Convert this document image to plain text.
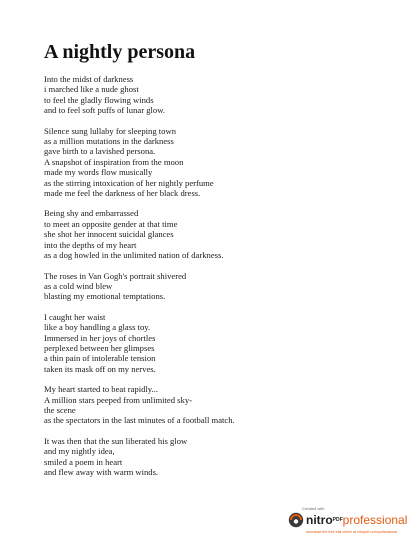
A nightly persona
Into the midst of darkness
i marched like a nude ghost
to feel the gladly flowing winds
and to feel soft puffs of lunar glow.
Silence sung lullaby for sleeping town
as a million mutations in the darkness
gave birth to a lavished persona.
A snapshot of inspiration from the moon
made my words flow musically
as the stirring intoxication of her nightly perfume
made me feel the darkness of her black dress.
Being shy and embarrassed
to meet an opposite gender at that time
she shot her innocent suicidal glances
into the depths of my heart
as a dog howled in the unlimited nation of darkness.
The roses in Van Gogh's portrait shivered
as a cold wind blew
blasting my emotional temptations.
I caught her waist
like a boy handling a glass toy.
Immersed in her joys of chortles
perplexed between her glimpses
a thin pain of intolerable tension
taken its mask off on my nerves.
My heart started to beat rapidly...
A million stars peeped from unlimited sky-
the scene
as the spectators in the last minutes of a football match.
It was then that the sun liberated his glow
and my nightly idea,
smiled a poem in heart
and flew away with warm winds.
Created with
nitro$^{PDF}$professional
download the free trial online at nitropdf.com/professional
